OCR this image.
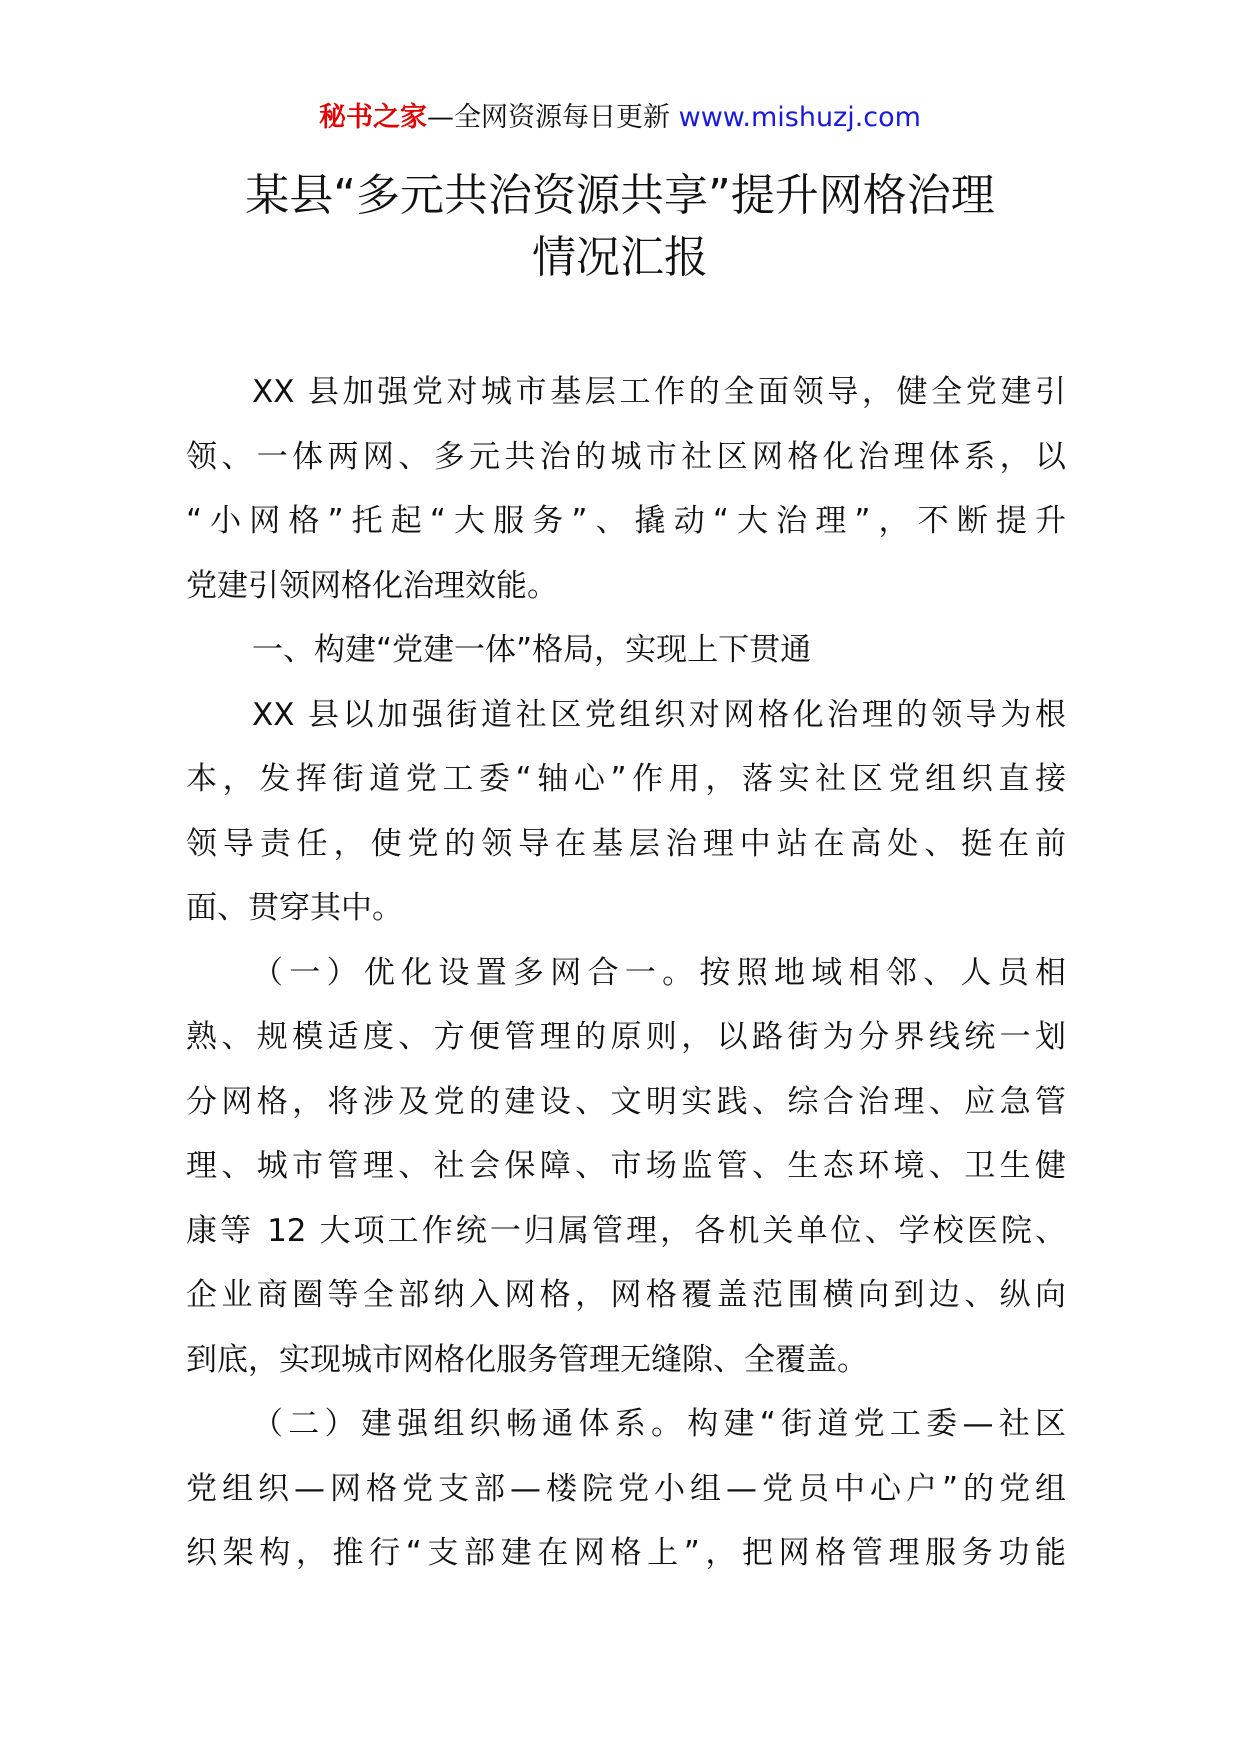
秘书之家—全网资源每日更新 www.mishuzj.com
某县“多元共治资源共享”提升网格治理
情况汇报
XX 县加强党对城市基层工作的全面领导，健全党建引
领、一体两网、多元共治的城市社区网格化治理体系，以
“小网格”托起“大服务”、撬动“大治理”，不断提升
党建引领网格化治理效能。
一、构建“党建一体”格局，实现上下贯通
XX 县以加强街道社区党组织对网格化治理的领导为根
本，发挥街道党工委“轴心”作用，落实社区党组织直接
领导责任，使党的领导在基层治理中站在高处、挺在前
面、贯穿其中。
（一）优化设置多网合一。按照地域相邻、人员相
熟、规模适度、方便管理的原则，以路街为分界线统一划
分网格，将涉及党的建设、文明实践、综合治理、应急管
理、城市管理、社会保障、市场监管、生态环境、卫生健
康等 12 大项工作统一归属管理，各机关单位、学校医院、
企业商圈等全部纳入网格，网格覆盖范围横向到边、纵向
到底，实现城市网格化服务管理无缝隙、全覆盖。
（二）建强组织畅通体系。构建“街道党工委—社区
党组织—网格党支部—楼院党小组—党员中心户”的党组
织架构，推行“支部建在网格上”，把网格管理服务功能
